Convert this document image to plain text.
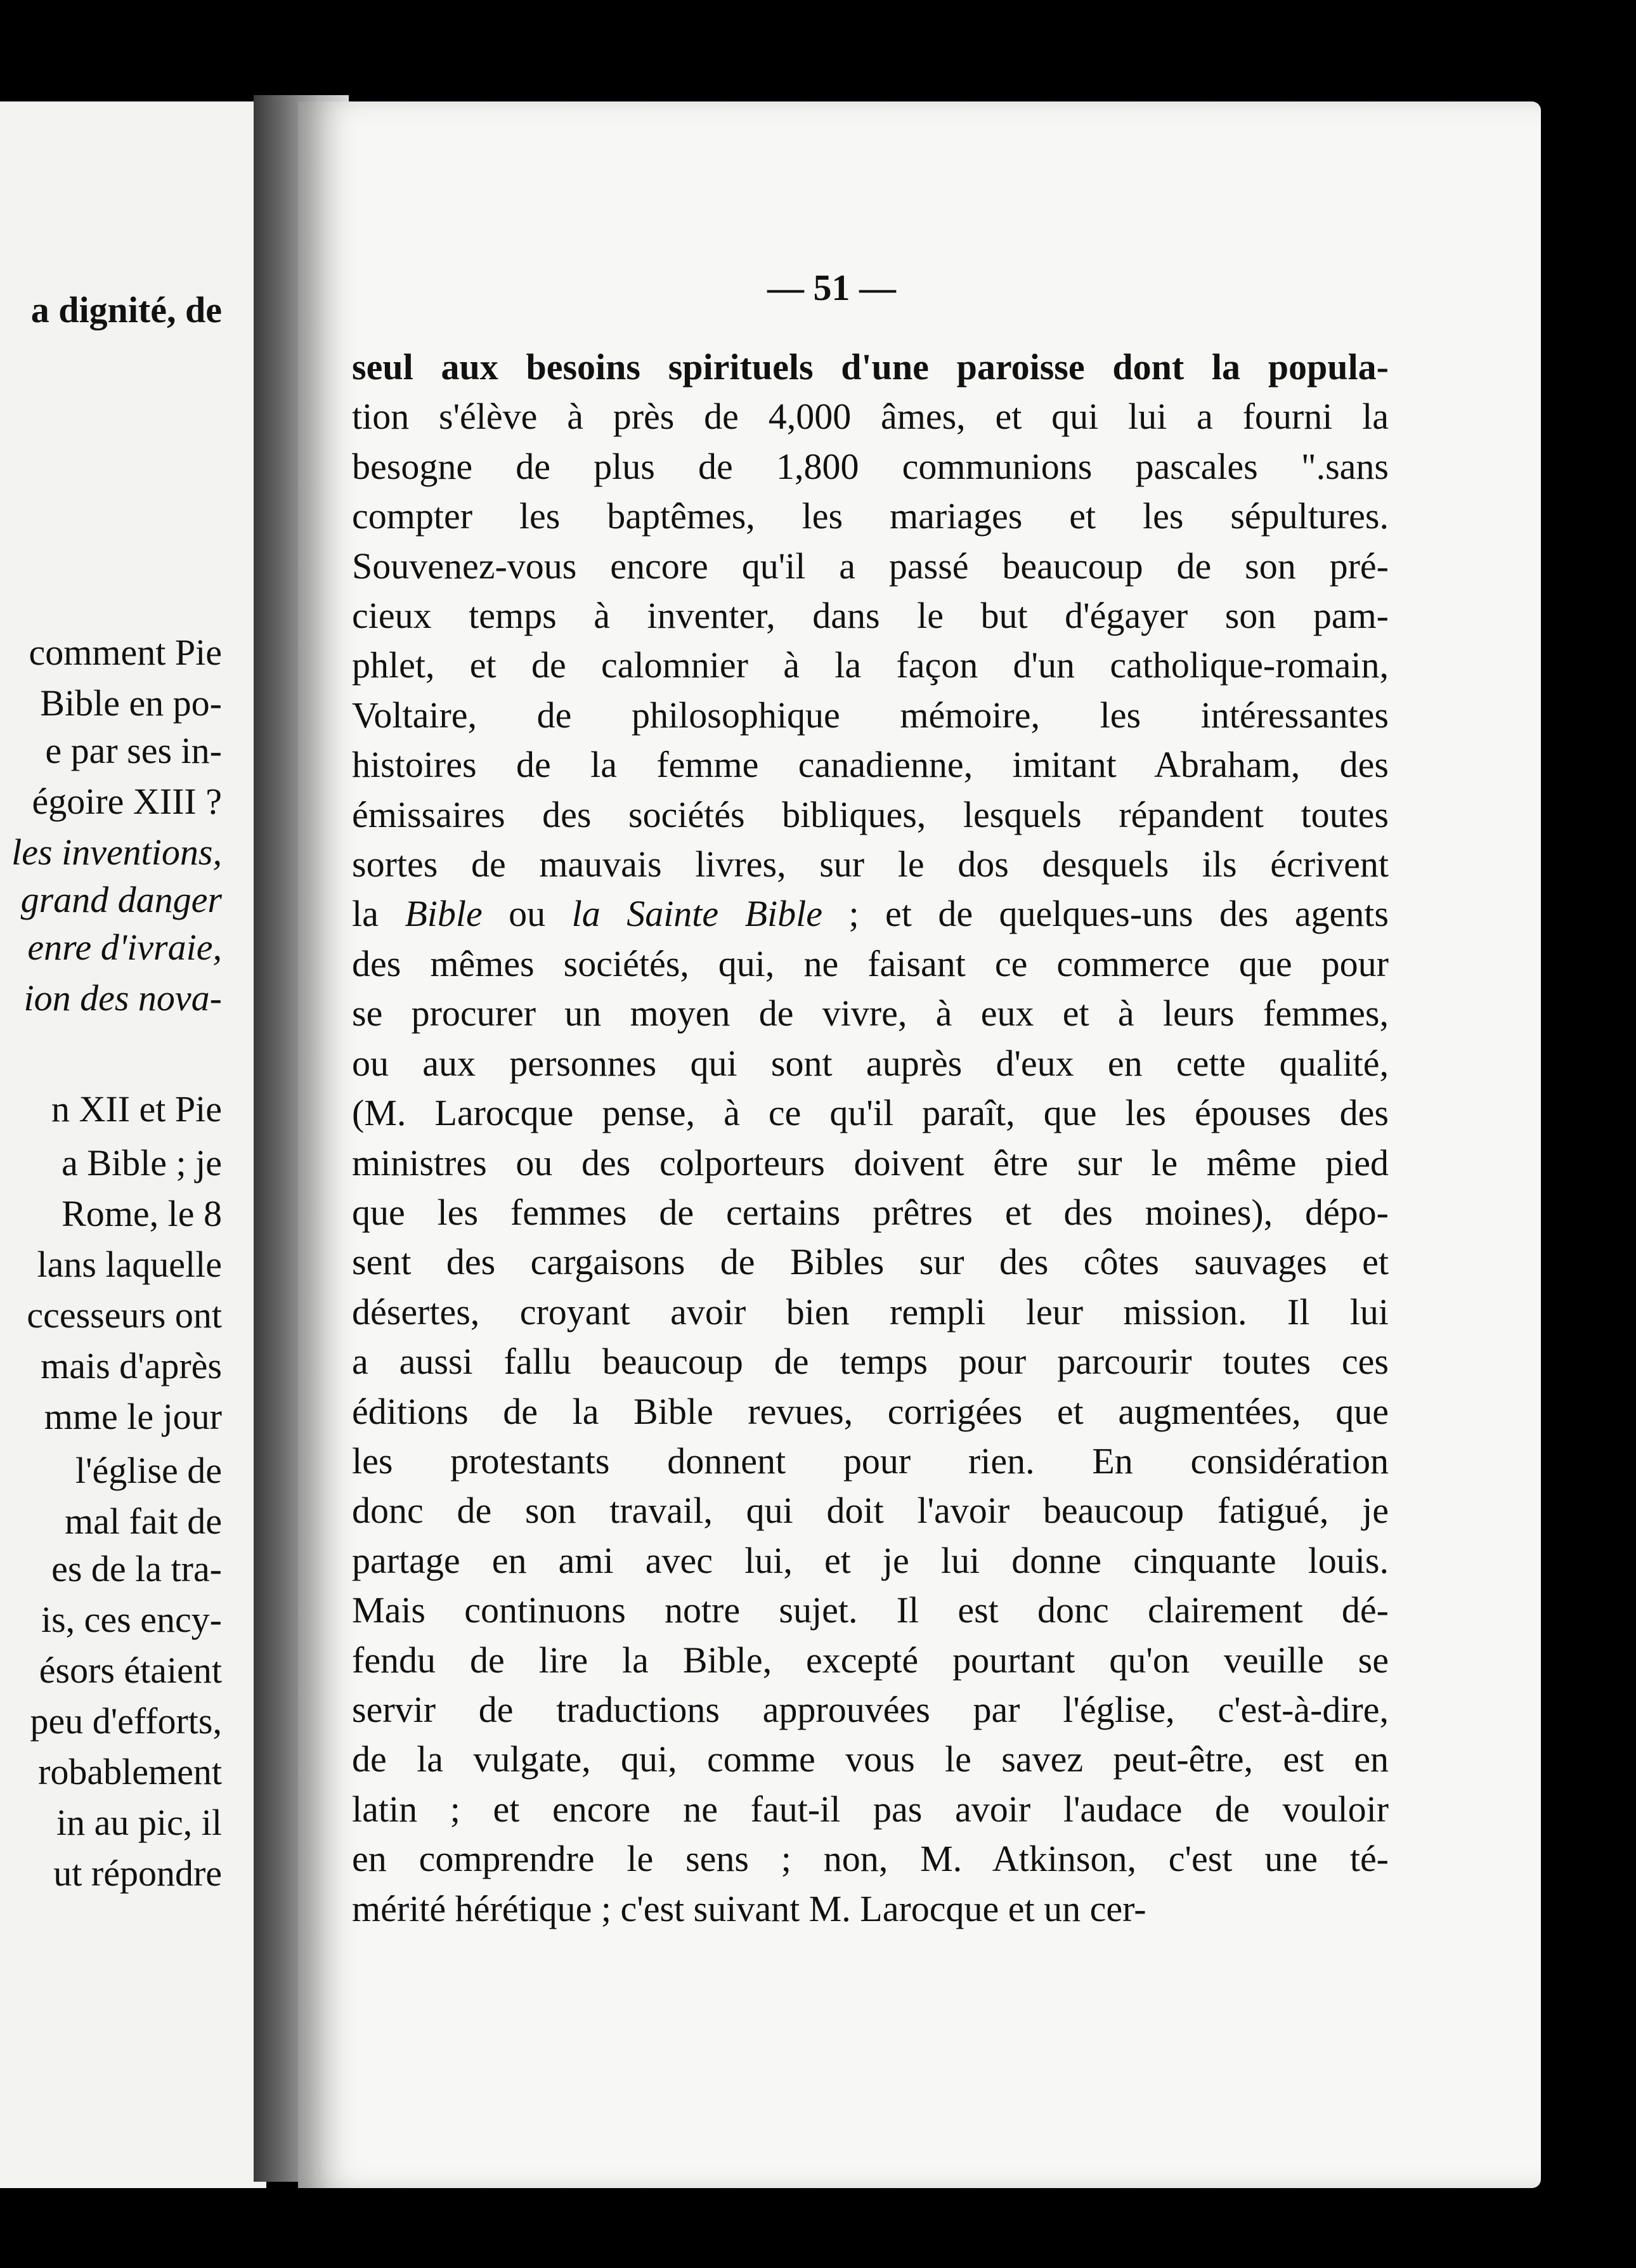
a dignité, de
comment Pie
Bible en po-
e par ses in-
égoire XIII ?
les inventions,
grand danger
enre d'ivraie,
ion des nova-
n XII et Pie
a Bible ; je
Rome, le 8
lans laquelle
ccesseurs ont
mais d'après
mme le jour
l'église de
mal fait de
es de la tra-
is, ces ency-
ésors étaient
peu d'efforts,
robablement
in au pic, il
ut répondre
— 51 —
seul aux besoins spirituels d'une paroisse dont la popula-
tion s'élève à près de 4,000 âmes, et qui lui a fourni la
besogne de plus de 1,800 communions pascales ".sans
compter les baptêmes, les mariages et les sépultures.
Souvenez-vous encore qu'il a passé beaucoup de son pré-
cieux temps à inventer, dans le but d'égayer son pam-
phlet, et de calomnier à la façon d'un catholique-romain,
Voltaire, de philosophique mémoire, les intéressantes
histoires de la femme canadienne, imitant Abraham, des
émissaires des sociétés bibliques, lesquels répandent toutes
sortes de mauvais livres, sur le dos desquels ils écrivent
la Bible ou la Sainte Bible ; et de quelques-uns des agents
des mêmes sociétés, qui, ne faisant ce commerce que pour
se procurer un moyen de vivre, à eux et à leurs femmes,
ou aux personnes qui sont auprès d'eux en cette qualité,
(M. Larocque pense, à ce qu'il paraît, que les épouses des
ministres ou des colporteurs doivent être sur le même pied
que les femmes de certains prêtres et des moines), dépo-
sent des cargaisons de Bibles sur des côtes sauvages et
désertes, croyant avoir bien rempli leur mission. Il lui
a aussi fallu beaucoup de temps pour parcourir toutes ces
éditions de la Bible revues, corrigées et augmentées, que
les protestants donnent pour rien. En considération
donc de son travail, qui doit l'avoir beaucoup fatigué, je
partage en ami avec lui, et je lui donne cinquante louis.
Mais continuons notre sujet. Il est donc clairement dé-
fendu de lire la Bible, excepté pourtant qu'on veuille se
servir de traductions approuvées par l'église, c'est-à-dire,
de la vulgate, qui, comme vous le savez peut-être, est en
latin ; et encore ne faut-il pas avoir l'audace de vouloir
en comprendre le sens ; non, M. Atkinson, c'est une té-
mérité hérétique ; c'est suivant M. Larocque et un cer-
